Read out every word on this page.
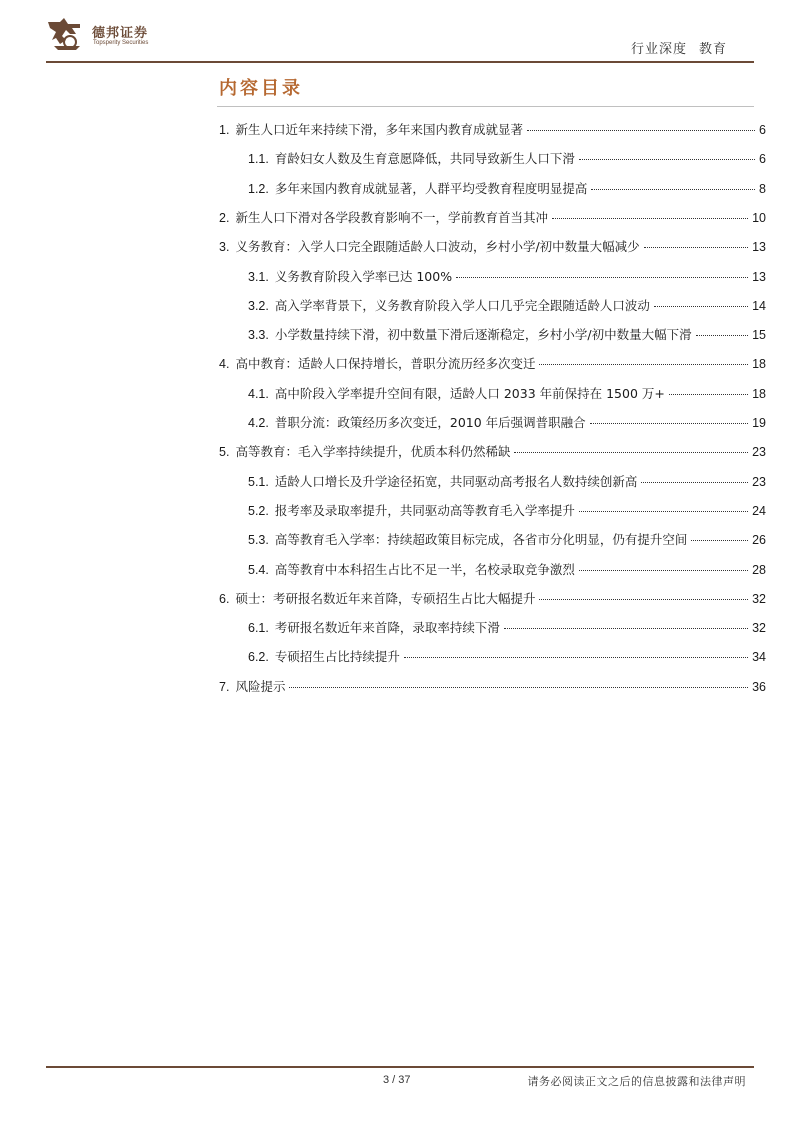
德邦证券
Topsperity Securities	行业深度 教育
内容目录
1. 新生人口近年来持续下滑，多年来国内教育成就显著	6
1.1. 育龄妇女人数及生育意愿降低，共同导致新生人口下滑	6
1.2. 多年来国内教育成就显著，人群平均受教育程度明显提高	8
2. 新生人口下滑对各学段教育影响不一，学前教育首当其冲	10
3. 义务教育：入学人口完全跟随适龄人口波动，乡村小学/初中数量大幅减少	13
3.1. 义务教育阶段入学率已达 100%	13
3.2. 高入学率背景下，义务教育阶段入学人口几乎完全跟随适龄人口波动	14
3.3. 小学数量持续下滑，初中数量下滑后逐渐稳定，乡村小学/初中数量大幅下滑	15
4. 高中教育：适龄人口保持增长，普职分流历经多次变迁	18
4.1. 高中阶段入学率提升空间有限，适龄人口 2033 年前保持在 1500 万+	18
4.2. 普职分流：政策经历多次变迁，2010 年后强调普职融合	19
5. 高等教育：毛入学率持续提升，优质本科仍然稀缺	23
5.1. 适龄人口增长及升学途径拓宽，共同驱动高考报名人数持续创新高	23
5.2. 报考率及录取率提升，共同驱动高等教育毛入学率提升	24
5.3. 高等教育毛入学率：持续超政策目标完成，各省市分化明显，仍有提升空间	26
5.4. 高等教育中本科招生占比不足一半，名校录取竞争激烈	28
6. 硕士：考研报名数近年来首降，专硕招生占比大幅提升	32
6.1. 考研报名数近年来首降，录取率持续下滑	32
6.2. 专硕招生占比持续提升	34
7. 风险提示	36
3 / 37	请务必阅读正文之后的信息披露和法律声明
